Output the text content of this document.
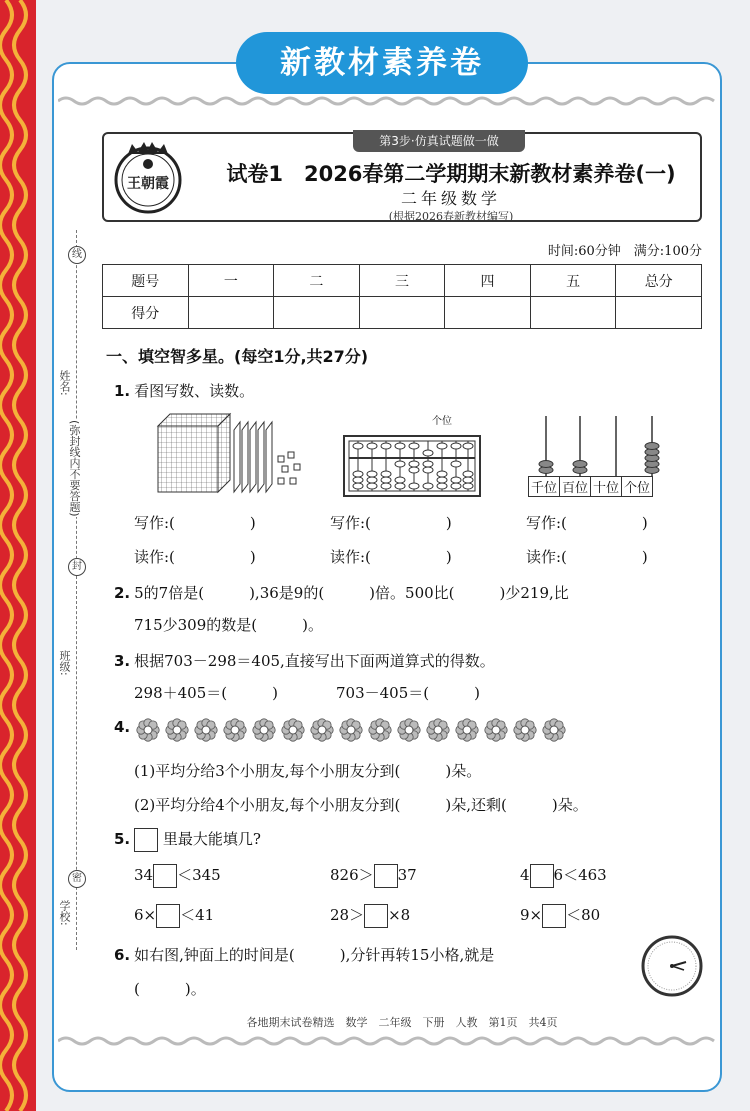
新教材素养卷
线
姓名:
(弥封线内不要答题)
封
班级:
密
学校:
第3步·仿真试题做一做
王朝霞	试卷1　2026春第二学期期末新教材素养卷(一)
二年级数学
(根据2026春新教材编写)
时间:60分钟　满分:100分
题号	一	二	三	四	五	总分
得分						
一、填空智多星。(每空1分,共27分)
1. 看图写数、读数。
个位
千位 百位 十位 个位
写作:(　　　　　)	写作:(　　　　　)	写作:(　　　　　)
读作:(　　　　　)	读作:(　　　　　)	读作:(　　　　　)
2. 5的7倍是(　　　),36是9的(　　　)倍。500比(　　　)少219,比
715少309的数是(　　　)。
3. 根据703－298＝405,直接写出下面两道算式的得数。
298＋405＝(　　　)	703－405＝(　　　)
4.
(1)平均分给3个小朋友,每个小朋友分到(　　　)朵。
(2)平均分给4个小朋友,每个小朋友分到(　　　)朵,还剩(　　　)朵。
5. 里最大能填几?
34 ＜345	826＞ 37	4 6＜463
6× ＜41	28＞ ×8	9× ＜80
6. 如右图,钟面上的时间是(　　　),分针再转15小格,就是
(　　　)。
各地期末试卷精选　数学　二年级　下册　人教　第1页　共4页
